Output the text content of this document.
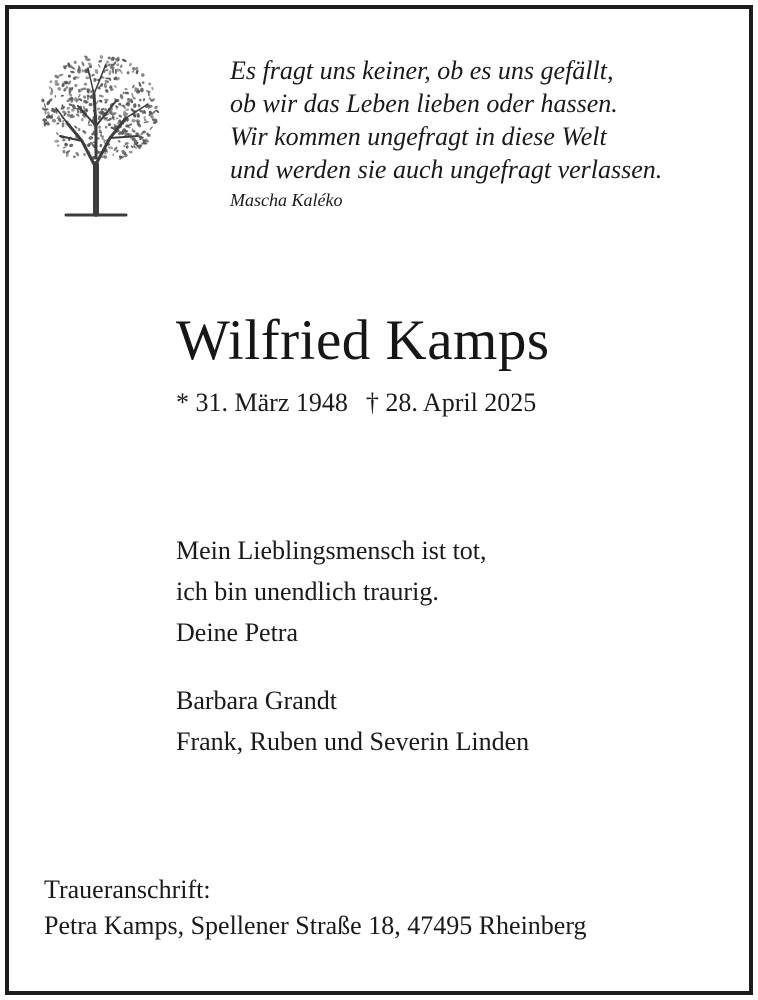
Es fragt uns keiner, ob es uns gefällt,
ob wir das Leben lieben oder hassen.
Wir kommen ungefragt in diese Welt
und werden sie auch ungefragt verlassen.
Mascha Kaléko
Wilfried Kamps
* 31. März 1948 † 28. April 2025
Mein Lieblingsmensch ist tot,
ich bin unendlich traurig.
Deine Petra
Barbara Grandt
Frank, Ruben und Severin Linden
Traueranschrift:
Petra Kamps, Spellener Straße 18, 47495 Rheinberg
